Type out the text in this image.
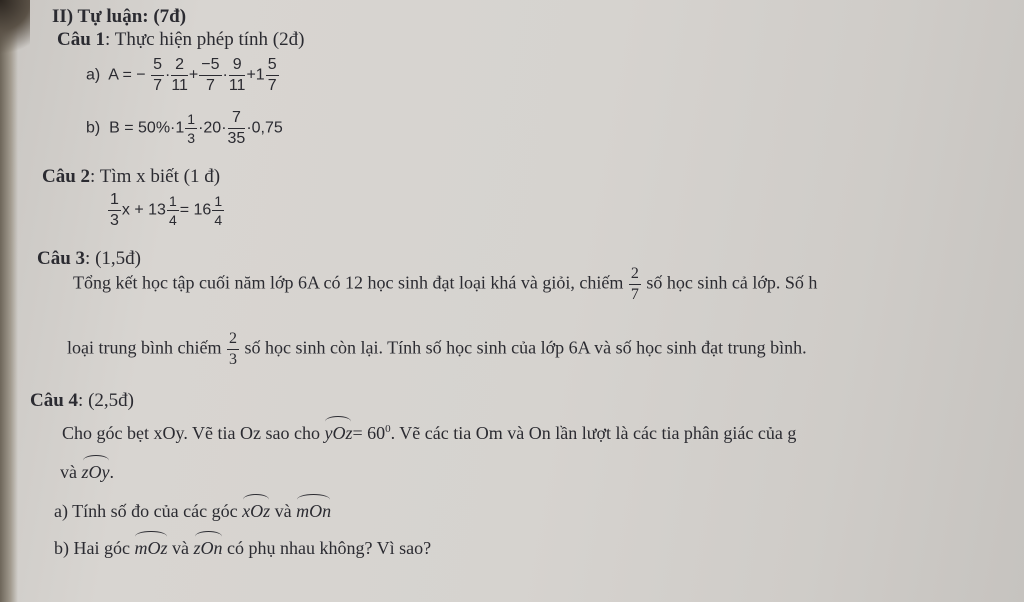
II) Tự luận: (7đ)
Câu 1: Thực hiện phép tính (2đ)
a) A = − $\frac{5}{7} \cdot \frac{2}{11} + \frac{-5}{7} \cdot \frac{9}{11} +1 \frac{5}{7}$
b) $B = 50\%\cdot 1 \frac{1}{3} \cdot 20\cdot \frac{7}{35} \cdot 0,75$
Câu 2: Tìm x biết (1 đ)
$\frac{1}{3}$ $x + 13 \frac{1}{4} = 16 \frac{1}{4}$
Câu 3: (1,5đ)
Tổng kết học tập cuối năm lớp 6A có 12 học sinh đạt loại khá và giỏi, chiếm $\frac{2}{7}$ số học sinh cả lớp. Số h
loại trung bình chiếm $\frac{2}{3}$ số học sinh còn lại. Tính số học sinh của lớp 6A và số học sinh đạt trung bình.
Câu 4: (2,5đ)
Cho góc bẹt xOy. Vẽ tia Oz sao cho $yOz= 60^0$. Vẽ các tia Om và On lần lượt là các tia phân giác của g
và zOy.
a) Tính số đo của các góc xOz và mOn
b) Hai góc mOz và zOn có phụ nhau không? Vì sao?
